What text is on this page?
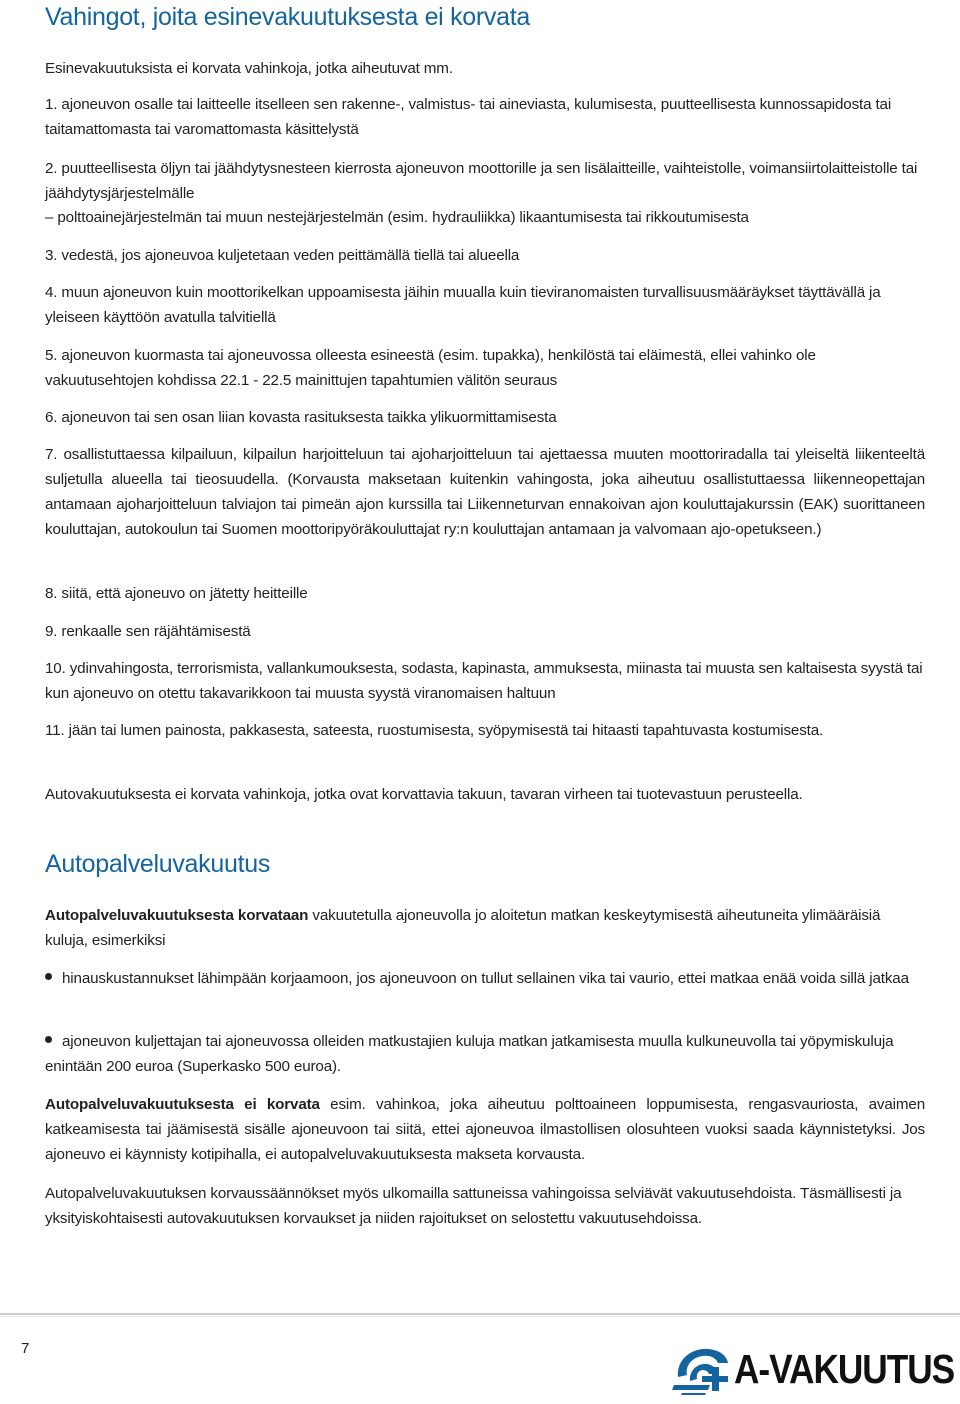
Vahingot, joita esinevakuutuksesta ei korvata
Esinevakuutuksista ei korvata vahinkoja, jotka aiheutuvat mm.
1. ajoneuvon osalle tai laitteelle itselleen sen rakenne-, valmistus- tai aineviasta, kulumisesta, puutteellisesta kunnossapidosta tai taitamattomasta tai varomattomasta käsittelystä
2. puutteellisesta öljyn tai jäähdytysnesteen kierrosta ajoneuvon moottorille ja sen lisälaitteille, vaihteistolle, voimansiirtolaitteistolle tai jäähdytysjärjestelmälle
– polttoainejärjestelmän tai muun nestejärjestelmän (esim. hydrauliikka) likaantumisesta tai rikkoutumisesta
3. vedestä, jos ajoneuvoa kuljetetaan veden peittämällä tiellä tai alueella
4. muun ajoneuvon kuin moottorikelkan uppoamisesta jäihin muualla kuin tieviranomaisten turvallisuusmääräykset täyttävällä ja yleiseen käyttöön avatulla talvitiellä
5. ajoneuvon kuormasta tai ajoneuvossa olleesta esineestä (esim. tupakka), henkilöstä tai eläimestä, ellei vahinko ole vakuutusehtojen kohdissa 22.1 - 22.5 mainittujen tapahtumien välitön seuraus
6. ajoneuvon tai sen osan liian kovasta rasituksesta taikka ylikuormittamisesta
7. osallistuttaessa kilpailuun, kilpailun harjoitteluun tai ajoharjoitteluun tai ajettaessa muuten moottoriradalla tai yleiseltä liikenteeltä suljetulla alueella tai tieosuudella. (Korvausta maksetaan kuitenkin vahingosta, joka aiheutuu osallistuttaessa liikenneopettajan antamaan ajoharjoitteluun talviajon tai pimeän ajon kurssilla tai Liikenneturvan ennakoivan ajon kouluttajakurssin (EAK) suorittaneen kouluttajan, autokoulun tai Suomen moottoripyöräkouluttajat ry:n kouluttajan antamaan ja valvomaan ajo-opetukseen.)
8. siitä, että ajoneuvo on jätetty heitteille
9. renkaalle sen räjähtämisestä
10. ydinvahingosta, terrorismista, vallankumouksesta, sodasta, kapinasta, ammuksesta, miinasta tai muusta sen kaltaisesta syystä tai kun ajoneuvo on otettu takavarikkoon tai muusta syystä viranomaisen haltuun
11. jään tai lumen painosta, pakkasesta, sateesta, ruostumisesta, syöpymisestä tai hitaasti tapahtuvasta kostumisesta.
Autovakuutuksesta ei korvata vahinkoja, jotka ovat korvattavia takuun, tavaran virheen tai tuotevastuun perusteella.
Autopalveluvakuutus
Autopalveluvakuutuksesta korvataan vakuutetulla ajoneuvolla jo aloitetun matkan keskeytymisestä aiheutuneita ylimääräisiä kuluja, esimerkiksi
hinauskustannukset lähimpään korjaamoon, jos ajoneuvoon on tullut sellainen vika tai vaurio, ettei matkaa enää voida sillä jatkaa
ajoneuvon kuljettajan tai ajoneuvossa olleiden matkustajien kuluja matkan jatkamisesta muulla kulkuneuvolla tai yöpymiskuluja enintään 200 euroa (Superkasko 500 euroa).
Autopalveluvakuutuksesta ei korvata esim. vahinkoa, joka aiheutuu polttoaineen loppumisesta, rengasvauriosta, avaimen katkeamisesta tai jäämisestä sisälle ajoneuvoon tai siitä, ettei ajoneuvoa ilmastollisen olosuhteen vuoksi saada käynnistetyksi. Jos ajoneuvo ei käynnisty kotipihalla, ei autopalveluvakuutuksesta makseta korvausta.
Autopalveluvakuutuksen korvaussäännökset myös ulkomailla sattuneissa vahingoissa selviävät vakuutusehdoista. Täsmällisesti ja yksityiskohtaisesti autovakuutuksen korvaukset ja niiden rajoitukset on selostettu vakuutusehdoissa.
7	A-VAKUUTUS
